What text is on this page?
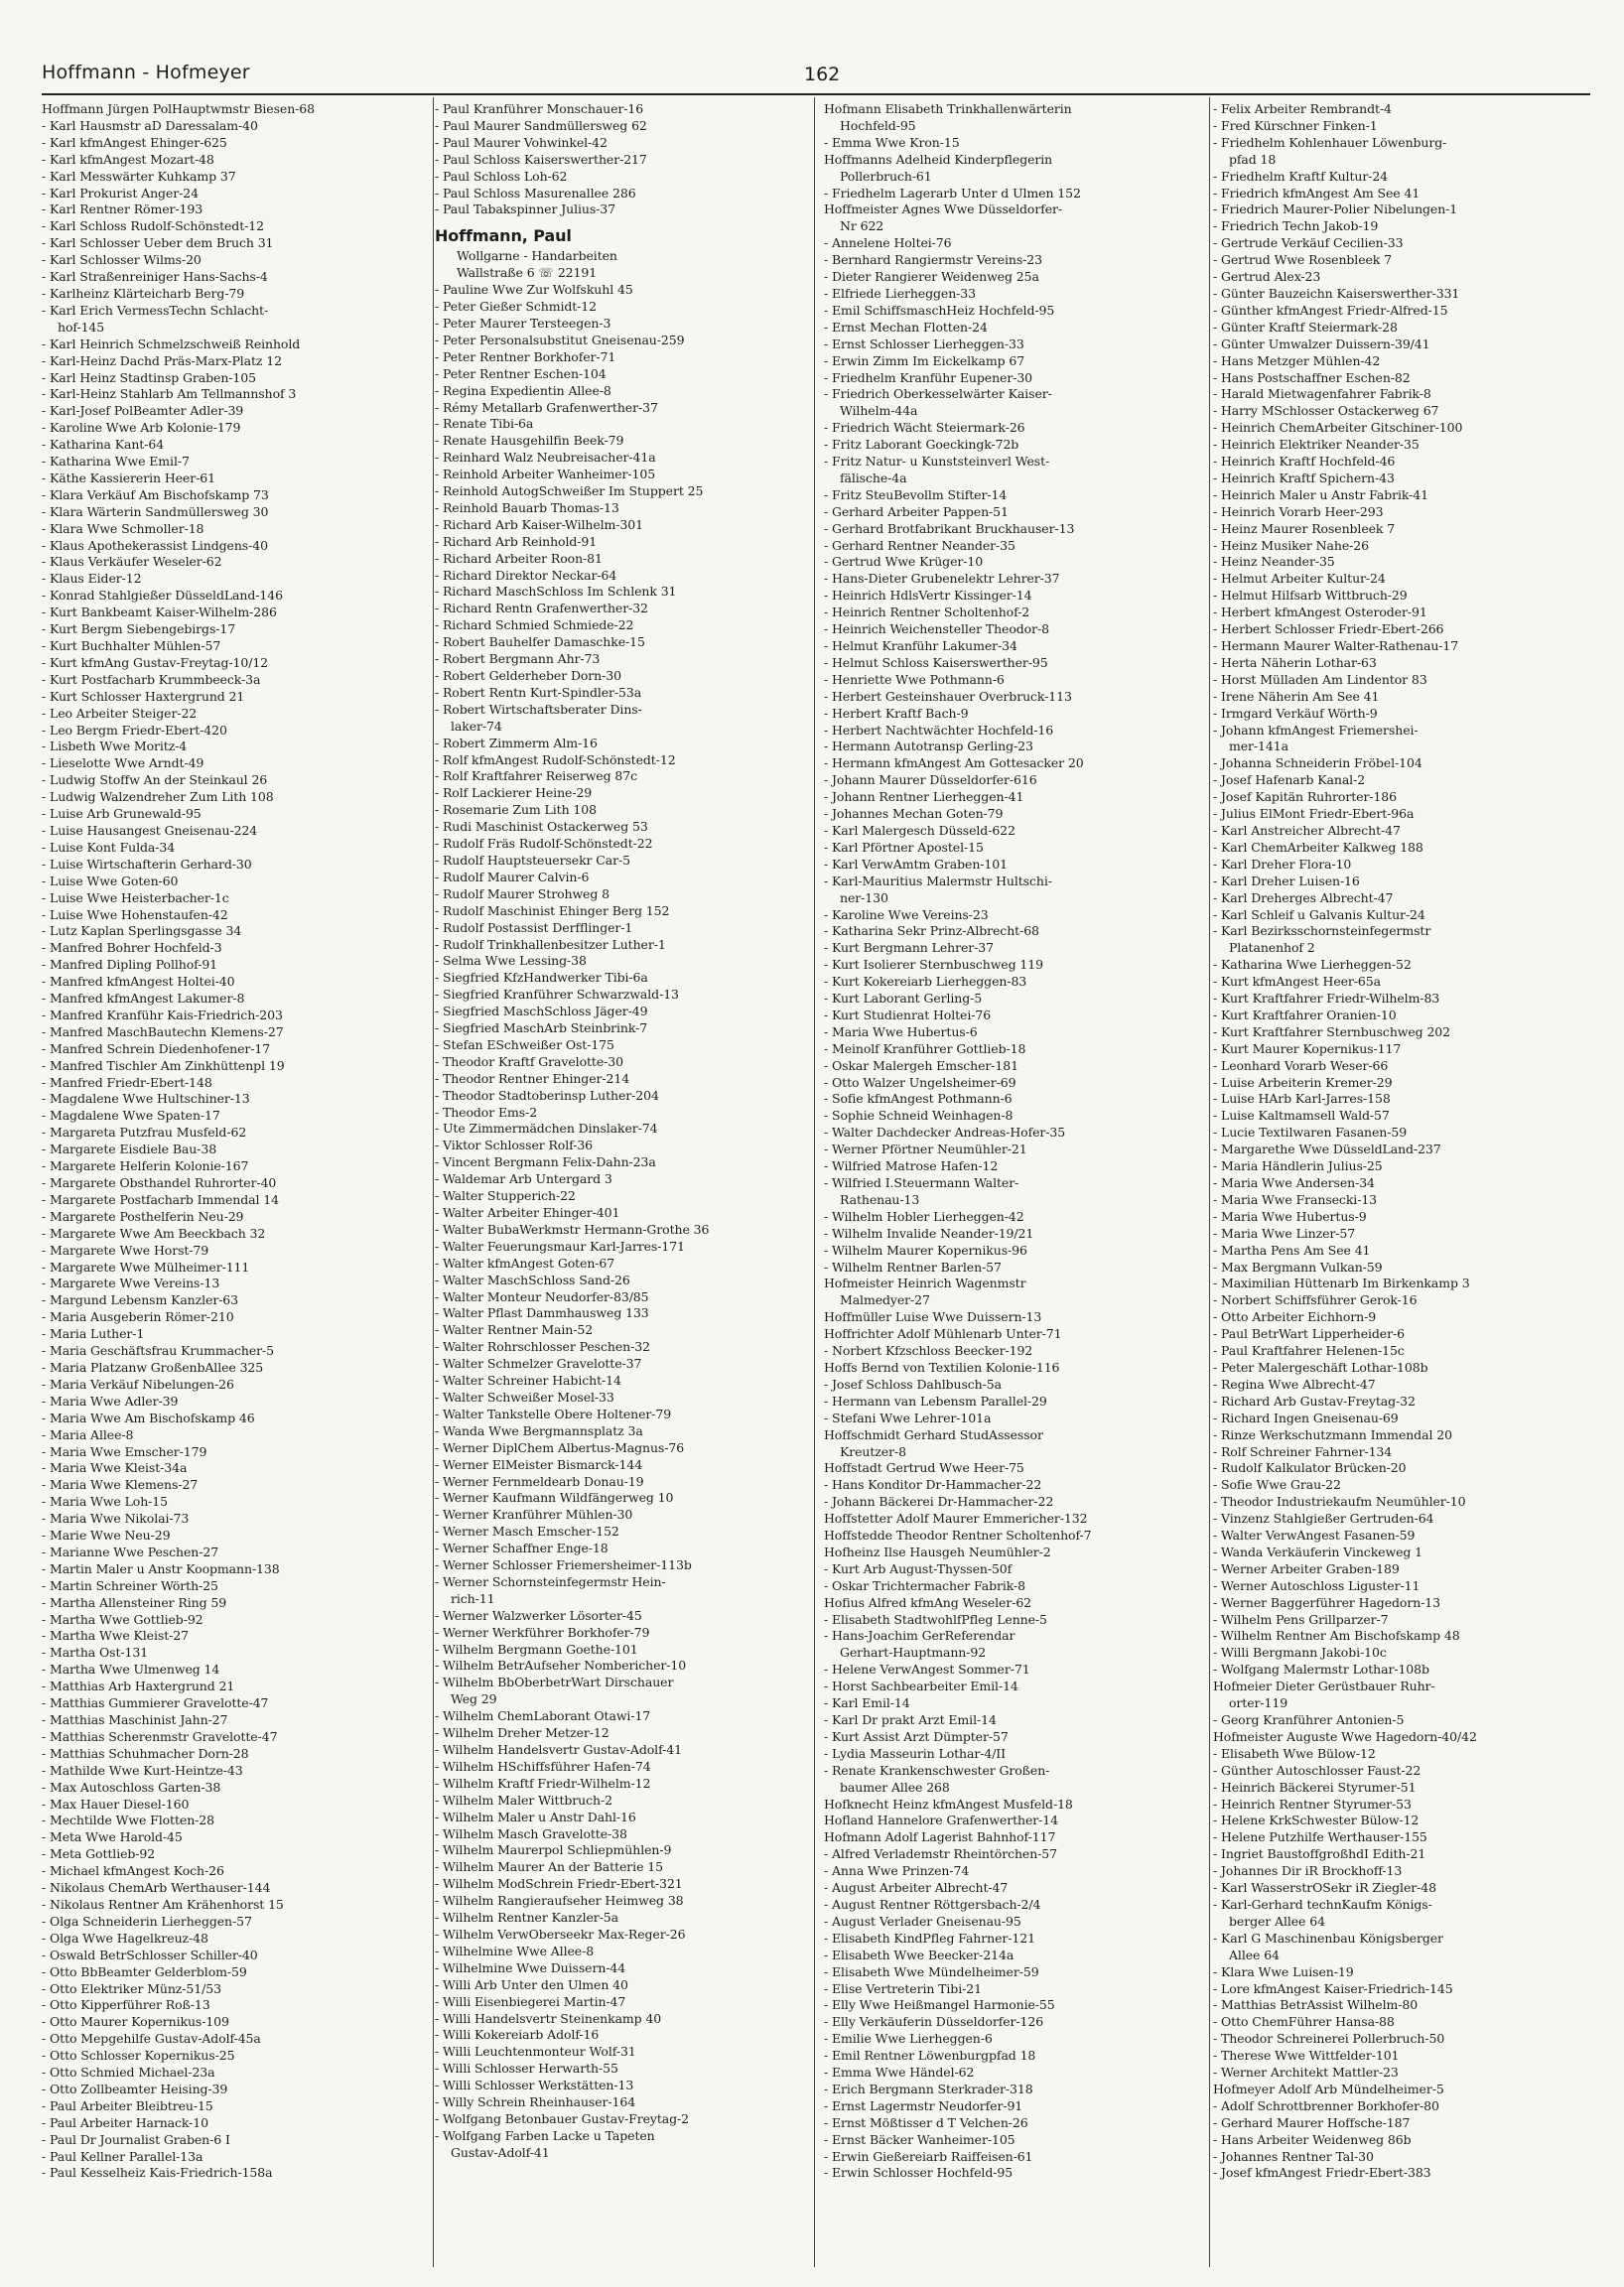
Hoffmann - Hofmeyer	162
Hoffmann Jürgen PolHauptwmstr Biesen-68
- Karl Hausmstr aD Daressalam-40
- Karl kfmAngest Ehinger-625
- Karl kfmAngest Mozart-48
- Karl Messwärter Kuhkamp 37
- Karl Prokurist Anger-24
- Karl Rentner Römer-193
- Karl Schloss Rudolf-Schönstedt-12
- Karl Schlosser Ueber dem Bruch 31
- Karl Schlosser Wilms-20
- Karl Straßenreiniger Hans-Sachs-4
- Karlheinz Klärteicharb Berg-79
- Karl Erich VermessTechn Schlacht-
hof-145
- Karl Heinrich Schmelzschweiß Reinhold
- Karl-Heinz Dachd Präs-Marx-Platz 12
- Karl Heinz Stadtinsp Graben-105
- Karl-Heinz Stahlarb Am Tellmannshof 3
- Karl-Josef PolBeamter Adler-39
- Karoline Wwe Arb Kolonie-179
- Katharina Kant-64
- Katharina Wwe Emil-7
- Käthe Kassiererin Heer-61
- Klara Verkäuf Am Bischofskamp 73
- Klara Wärterin Sandmüllersweg 30
- Klara Wwe Schmoller-18
- Klaus Apothekerassist Lindgens-40
- Klaus Verkäufer Weseler-62
- Klaus Eider-12
- Konrad Stahlgießer DüsseldLand-146
- Kurt Bankbeamt Kaiser-Wilhelm-286
- Kurt Bergm Siebengebirgs-17
- Kurt Buchhalter Mühlen-57
- Kurt kfmAng Gustav-Freytag-10/12
- Kurt Postfacharb Krummbeeck-3a
- Kurt Schlosser Haxtergrund 21
- Leo Arbeiter Steiger-22
- Leo Bergm Friedr-Ebert-420
- Lisbeth Wwe Moritz-4
- Lieselotte Wwe Arndt-49
- Ludwig Stoffw An der Steinkaul 26
- Ludwig Walzendreher Zum Lith 108
- Luise Arb Grunewald-95
- Luise Hausangest Gneisenau-224
- Luise Kont Fulda-34
- Luise Wirtschafterin Gerhard-30
- Luise Wwe Goten-60
- Luise Wwe Heisterbacher-1c
- Luise Wwe Hohenstaufen-42
- Lutz Kaplan Sperlingsgasse 34
- Manfred Bohrer Hochfeld-3
- Manfred Dipling Pollhof-91
- Manfred kfmAngest Holtei-40
- Manfred kfmAngest Lakumer-8
- Manfred Kranführ Kais-Friedrich-203
- Manfred MaschBautechn Klemens-27
- Manfred Schrein Diedenhofener-17
- Manfred Tischler Am Zinkhüttenpl 19
- Manfred Friedr-Ebert-148
- Magdalene Wwe Hultschiner-13
- Magdalene Wwe Spaten-17
- Margareta Putzfrau Musfeld-62
- Margarete Eisdiele Bau-38
- Margarete Helferin Kolonie-167
- Margarete Obsthandel Ruhrorter-40
- Margarete Postfacharb Immendal 14
- Margarete Posthelferin Neu-29
- Margarete Wwe Am Beeckbach 32
- Margarete Wwe Horst-79
- Margarete Wwe Mülheimer-111
- Margarete Wwe Vereins-13
- Margund Lebensm Kanzler-63
- Maria Ausgeberin Römer-210
- Maria Luther-1
- Maria Geschäftsfrau Krummacher-5
- Maria Platzanw GroßenbAllee 325
- Maria Verkäuf Nibelungen-26
- Maria Wwe Adler-39
- Maria Wwe Am Bischofskamp 46
- Maria Allee-8
- Maria Wwe Emscher-179
- Maria Wwe Kleist-34a
- Maria Wwe Klemens-27
- Maria Wwe Loh-15
- Maria Wwe Nikolai-73
- Marie Wwe Neu-29
- Marianne Wwe Peschen-27
- Martin Maler u Anstr Koopmann-138
- Martin Schreiner Wörth-25
- Martha Allensteiner Ring 59
- Martha Wwe Gottlieb-92
- Martha Wwe Kleist-27
- Martha Ost-131
- Martha Wwe Ulmenweg 14
- Matthias Arb Haxtergrund 21
- Matthias Gummierer Gravelotte-47
- Matthias Maschinist Jahn-27
- Matthias Scherenmstr Gravelotte-47
- Matthias Schuhmacher Dorn-28
- Mathilde Wwe Kurt-Heintze-43
- Max Autoschloss Garten-38
- Max Hauer Diesel-160
- Mechtilde Wwe Flotten-28
- Meta Wwe Harold-45
- Meta Gottlieb-92
- Michael kfmAngest Koch-26
- Nikolaus ChemArb Werthauser-144
- Nikolaus Rentner Am Krähenhorst 15
- Olga Schneiderin Lierheggen-57
- Olga Wwe Hagelkreuz-48
- Oswald BetrSchlosser Schiller-40
- Otto BbBeamter Gelderblom-59
- Otto Elektriker Münz-51/53
- Otto Kipperführer Roß-13
- Otto Maurer Kopernikus-109
- Otto Mepgehilfe Gustav-Adolf-45a
- Otto Schlosser Kopernikus-25
- Otto Schmied Michael-23a
- Otto Zollbeamter Heising-39
- Paul Arbeiter Bleibtreu-15
- Paul Arbeiter Harnack-10
- Paul Dr Journalist Graben-6 I
- Paul Kellner Parallel-13a
- Paul Kesselheiz Kais-Friedrich-158a
- Paul Kranführer Monschauer-16
- Paul Maurer Sandmüllersweg 62
- Paul Maurer Vohwinkel-42
- Paul Schloss Kaiserswerther-217
- Paul Schloss Loh-62
- Paul Schloss Masurenallee 286
- Paul Tabakspinner Julius-37
Hoffmann, Paul
Wollgarne - Handarbeiten
Wallstraße 6 ☏ 22191
- Pauline Wwe Zur Wolfskuhl 45
- Peter Gießer Schmidt-12
- Peter Maurer Tersteegen-3
- Peter Personalsubstitut Gneisenau-259
- Peter Rentner Borkhofer-71
- Peter Rentner Eschen-104
- Regina Expedientin Allee-8
- Rémy Metallarb Grafenwerther-37
- Renate Tibi-6a
- Renate Hausgehilfin Beek-79
- Reinhard Walz Neubreisacher-41a
- Reinhold Arbeiter Wanheimer-105
- Reinhold AutogSchweißer Im Stuppert 25
- Reinhold Bauarb Thomas-13
- Richard Arb Kaiser-Wilhelm-301
- Richard Arb Reinhold-91
- Richard Arbeiter Roon-81
- Richard Direktor Neckar-64
- Richard MaschSchloss Im Schlenk 31
- Richard Rentn Grafenwerther-32
- Richard Schmied Schmiede-22
- Robert Bauhelfer Damaschke-15
- Robert Bergmann Ahr-73
- Robert Gelderheber Dorn-30
- Robert Rentn Kurt-Spindler-53a
- Robert Wirtschaftsberater Dins-
laker-74
- Robert Zimmerm Alm-16
- Rolf kfmAngest Rudolf-Schönstedt-12
- Rolf Kraftfahrer Reiserweg 87c
- Rolf Lackierer Heine-29
- Rosemarie Zum Lith 108
- Rudi Maschinist Ostackerweg 53
- Rudolf Fräs Rudolf-Schönstedt-22
- Rudolf Hauptsteuersekr Car-5
- Rudolf Maurer Calvin-6
- Rudolf Maurer Strohweg 8
- Rudolf Maschinist Ehinger Berg 152
- Rudolf Postassist Derfflinger-1
- Rudolf Trinkhallenbesitzer Luther-1
- Selma Wwe Lessing-38
- Siegfried KfzHandwerker Tibi-6a
- Siegfried Kranführer Schwarzwald-13
- Siegfried MaschSchloss Jäger-49
- Siegfried MaschArb Steinbrink-7
- Stefan ESchweißer Ost-175
- Theodor Kraftf Gravelotte-30
- Theodor Rentner Ehinger-214
- Theodor Stadtoberinsp Luther-204
- Theodor Ems-2
- Ute Zimmermädchen Dinslaker-74
- Viktor Schlosser Rolf-36
- Vincent Bergmann Felix-Dahn-23a
- Waldemar Arb Untergard 3
- Walter Stupperich-22
- Walter Arbeiter Ehinger-401
- Walter BubaWerkmstr Hermann-Grothe 36
- Walter Feuerungsmaur Karl-Jarres-171
- Walter kfmAngest Goten-67
- Walter MaschSchloss Sand-26
- Walter Monteur Neudorfer-83/85
- Walter Pflast Dammhausweg 133
- Walter Rentner Main-52
- Walter Rohrschlosser Peschen-32
- Walter Schmelzer Gravelotte-37
- Walter Schreiner Habicht-14
- Walter Schweißer Mosel-33
- Walter Tankstelle Obere Holtener-79
- Wanda Wwe Bergmannsplatz 3a
- Werner DiplChem Albertus-Magnus-76
- Werner ElMeister Bismarck-144
- Werner Fernmeldearb Donau-19
- Werner Kaufmann Wildfängerweg 10
- Werner Kranführer Mühlen-30
- Werner Masch Emscher-152
- Werner Schaffner Enge-18
- Werner Schlosser Friemersheimer-113b
- Werner Schornsteinfegermstr Hein-
rich-11
- Werner Walzwerker Lösorter-45
- Werner Werkführer Borkhofer-79
- Wilhelm Bergmann Goethe-101
- Wilhelm BetrAufseher Nombericher-10
- Wilhelm BbOberbetrWart Dirschauer
Weg 29
- Wilhelm ChemLaborant Otawi-17
- Wilhelm Dreher Metzer-12
- Wilhelm Handelsvertr Gustav-Adolf-41
- Wilhelm HSchiffsführer Hafen-74
- Wilhelm Kraftf Friedr-Wilhelm-12
- Wilhelm Maler Wittbruch-2
- Wilhelm Maler u Anstr Dahl-16
- Wilhelm Masch Gravelotte-38
- Wilhelm Maurerpol Schliepmühlen-9
- Wilhelm Maurer An der Batterie 15
- Wilhelm ModSchrein Friedr-Ebert-321
- Wilhelm Rangieraufseher Heimweg 38
- Wilhelm Rentner Kanzler-5a
- Wilhelm VerwOberseekr Max-Reger-26
- Wilhelmine Wwe Allee-8
- Wilhelmine Wwe Duissern-44
- Willi Arb Unter den Ulmen 40
- Willi Eisenbiegerei Martin-47
- Willi Handelsvertr Steinenkamp 40
- Willi Kokereiarb Adolf-16
- Willi Leuchtenmonteur Wolf-31
- Willi Schlosser Herwarth-55
- Willi Schlosser Werkstätten-13
- Willy Schrein Rheinhauser-164
- Wolfgang Betonbauer Gustav-Freytag-2
- Wolfgang Farben Lacke u Tapeten
Gustav-Adolf-41
Hofmann Elisabeth Trinkhallenwärterin
Hochfeld-95
- Emma Wwe Kron-15
Hoffmanns Adelheid Kinderpflegerin
Pollerbruch-61
- Friedhelm Lagerarb Unter d Ulmen 152
Hoffmeister Agnes Wwe Düsseldorfer-
Nr 622
- Annelene Holtei-76
- Bernhard Rangiermstr Vereins-23
- Dieter Rangierer Weidenweg 25a
- Elfriede Lierheggen-33
- Emil SchiffsmaschHeiz Hochfeld-95
- Ernst Mechan Flotten-24
- Ernst Schlosser Lierheggen-33
- Erwin Zimm Im Eickelkamp 67
- Friedhelm Kranführ Eupener-30
- Friedrich Oberkesselwärter Kaiser-
Wilhelm-44a
- Friedrich Wächt Steiermark-26
- Fritz Laborant Goeckingk-72b
- Fritz Natur- u Kunststeinverl West-
fälische-4a
- Fritz SteuBevollm Stifter-14
- Gerhard Arbeiter Pappen-51
- Gerhard Brotfabrikant Bruckhauser-13
- Gerhard Rentner Neander-35
- Gertrud Wwe Krüger-10
- Hans-Dieter Grubenelektr Lehrer-37
- Heinrich HdlsVertr Kissinger-14
- Heinrich Rentner Scholtenhof-2
- Heinrich Weichensteller Theodor-8
- Helmut Kranführ Lakumer-34
- Helmut Schloss Kaiserswerther-95
- Henriette Wwe Pothmann-6
- Herbert Gesteinshauer Overbruck-113
- Herbert Kraftf Bach-9
- Herbert Nachtwächter Hochfeld-16
- Hermann Autotransp Gerling-23
- Hermann kfmAngest Am Gottesacker 20
- Johann Maurer Düsseldorfer-616
- Johann Rentner Lierheggen-41
- Johannes Mechan Goten-79
- Karl Malergesch Düsseld-622
- Karl Pförtner Apostel-15
- Karl VerwAmtm Graben-101
- Karl-Mauritius Malermstr Hultschi-
ner-130
- Karoline Wwe Vereins-23
- Katharina Sekr Prinz-Albrecht-68
- Kurt Bergmann Lehrer-37
- Kurt Isolierer Sternbuschweg 119
- Kurt Kokereiarb Lierheggen-83
- Kurt Laborant Gerling-5
- Kurt Studienrat Holtei-76
- Maria Wwe Hubertus-6
- Meinolf Kranführer Gottlieb-18
- Oskar Malergeh Emscher-181
- Otto Walzer Ungelsheimer-69
- Sofie kfmAngest Pothmann-6
- Sophie Schneid Weinhagen-8
- Walter Dachdecker Andreas-Hofer-35
- Werner Pförtner Neumühler-21
- Wilfried Matrose Hafen-12
- Wilfried I.Steuermann Walter-
Rathenau-13
- Wilhelm Hobler Lierheggen-42
- Wilhelm Invalide Neander-19/21
- Wilhelm Maurer Kopernikus-96
- Wilhelm Rentner Barlen-57
Hofmeister Heinrich Wagenmstr
Malmedyer-27
Hoffmüller Luise Wwe Duissern-13
Hoffrichter Adolf Mühlenarb Unter-71
- Norbert Kfzschloss Beecker-192
Hoffs Bernd von Textilien Kolonie-116
- Josef Schloss Dahlbusch-5a
- Hermann van Lebensm Parallel-29
- Stefani Wwe Lehrer-101a
Hoffschmidt Gerhard StudAssessor
Kreutzer-8
Hoffstadt Gertrud Wwe Heer-75
- Hans Konditor Dr-Hammacher-22
- Johann Bäckerei Dr-Hammacher-22
Hoffstetter Adolf Maurer Emmericher-132
Hoffstedde Theodor Rentner Scholtenhof-7
Hofheinz Ilse Hausgeh Neumühler-2
- Kurt Arb August-Thyssen-50f
- Oskar Trichtermacher Fabrik-8
Hofius Alfred kfmAng Weseler-62
- Elisabeth StadtwohlfPfleg Lenne-5
- Hans-Joachim GerReferendar
Gerhart-Hauptmann-92
- Helene VerwAngest Sommer-71
- Horst Sachbearbeiter Emil-14
- Karl Emil-14
- Karl Dr prakt Arzt Emil-14
- Kurt Assist Arzt Dümpter-57
- Lydia Masseurin Lothar-4/II
- Renate Krankenschwester Großen-
baumer Allee 268
Hofknecht Heinz kfmAngest Musfeld-18
Hofland Hannelore Grafenwerther-14
Hofmann Adolf Lagerist Bahnhof-117
- Alfred Verlademstr Rheintörchen-57
- Anna Wwe Prinzen-74
- August Arbeiter Albrecht-47
- August Rentner Röttgersbach-2/4
- August Verlader Gneisenau-95
- Elisabeth KindPfleg Fahrner-121
- Elisabeth Wwe Beecker-214a
- Elisabeth Wwe Mündelheimer-59
- Elise Vertreterin Tibi-21
- Elly Wwe Heißmangel Harmonie-55
- Elly Verkäuferin Düsseldorfer-126
- Emilie Wwe Lierheggen-6
- Emil Rentner Löwenburgpfad 18
- Emma Wwe Händel-62
- Erich Bergmann Sterkrader-318
- Ernst Lagermstr Neudorfer-91
- Ernst Mößtisser d T Velchen-26
- Ernst Bäcker Wanheimer-105
- Erwin Gießereiarb Raiffeisen-61
- Erwin Schlosser Hochfeld-95
- Felix Arbeiter Rembrandt-4
- Fred Kürschner Finken-1
- Friedhelm Kohlenhauer Löwenburg-
pfad 18
- Friedhelm Kraftf Kultur-24
- Friedrich kfmAngest Am See 41
- Friedrich Maurer-Polier Nibelungen-1
- Friedrich Techn Jakob-19
- Gertrude Verkäuf Cecilien-33
- Gertrud Wwe Rosenbleek 7
- Gertrud Alex-23
- Günter Bauzeichn Kaiserswerther-331
- Günther kfmAngest Friedr-Alfred-15
- Günter Kraftf Steiermark-28
- Günter Umwalzer Duissern-39/41
- Hans Metzger Mühlen-42
- Hans Postschaffner Eschen-82
- Harald Mietwagenfahrer Fabrik-8
- Harry MSchlosser Ostackerweg 67
- Heinrich ChemArbeiter Gitschiner-100
- Heinrich Elektriker Neander-35
- Heinrich Kraftf Hochfeld-46
- Heinrich Kraftf Spichern-43
- Heinrich Maler u Anstr Fabrik-41
- Heinrich Vorarb Heer-293
- Heinz Maurer Rosenbleek 7
- Heinz Musiker Nahe-26
- Heinz Neander-35
- Helmut Arbeiter Kultur-24
- Helmut Hilfsarb Wittbruch-29
- Herbert kfmAngest Osteroder-91
- Herbert Schlosser Friedr-Ebert-266
- Hermann Maurer Walter-Rathenau-17
- Herta Näherin Lothar-63
- Horst Mülladen Am Lindentor 83
- Irene Näherin Am See 41
- Irmgard Verkäuf Wörth-9
- Johann kfmAngest Friemershei-
mer-141a
- Johanna Schneiderin Fröbel-104
- Josef Hafenarb Kanal-2
- Josef Kapitän Ruhrorter-186
- Julius ElMont Friedr-Ebert-96a
- Karl Anstreicher Albrecht-47
- Karl ChemArbeiter Kalkweg 188
- Karl Dreher Flora-10
- Karl Dreher Luisen-16
- Karl Dreherges Albrecht-47
- Karl Schleif u Galvanis Kultur-24
- Karl Bezirksschornsteinfegermstr
Platanenhof 2
- Katharina Wwe Lierheggen-52
- Kurt kfmAngest Heer-65a
- Kurt Kraftfahrer Friedr-Wilhelm-83
- Kurt Kraftfahrer Oranien-10
- Kurt Kraftfahrer Sternbuschweg 202
- Kurt Maurer Kopernikus-117
- Leonhard Vorarb Weser-66
- Luise Arbeiterin Kremer-29
- Luise HArb Karl-Jarres-158
- Luise Kaltmamsell Wald-57
- Lucie Textilwaren Fasanen-59
- Margarethe Wwe DüsseldLand-237
- Maria Händlerin Julius-25
- Maria Wwe Andersen-34
- Maria Wwe Fransecki-13
- Maria Wwe Hubertus-9
- Maria Wwe Linzer-57
- Martha Pens Am See 41
- Max Bergmann Vulkan-59
- Maximilian Hüttenarb Im Birkenkamp 3
- Norbert Schiffsführer Gerok-16
- Otto Arbeiter Eichhorn-9
- Paul BetrWart Lipperheider-6
- Paul Kraftfahrer Helenen-15c
- Peter Malergeschäft Lothar-108b
- Regina Wwe Albrecht-47
- Richard Arb Gustav-Freytag-32
- Richard Ingen Gneisenau-69
- Rinze Werkschutzmann Immendal 20
- Rolf Schreiner Fahrner-134
- Rudolf Kalkulator Brücken-20
- Sofie Wwe Grau-22
- Theodor Industriekaufm Neumühler-10
- Vinzenz Stahlgießer Gertruden-64
- Walter VerwAngest Fasanen-59
- Wanda Verkäuferin Vinckeweg 1
- Werner Arbeiter Graben-189
- Werner Autoschloss Liguster-11
- Werner Baggerführer Hagedorn-13
- Wilhelm Pens Grillparzer-7
- Wilhelm Rentner Am Bischofskamp 48
- Willi Bergmann Jakobi-10c
- Wolfgang Malermstr Lothar-108b
Hofmeier Dieter Gerüstbauer Ruhr-
orter-119
- Georg Kranführer Antonien-5
Hofmeister Auguste Wwe Hagedorn-40/42
- Elisabeth Wwe Bülow-12
- Günther Autoschlosser Faust-22
- Heinrich Bäckerei Styrumer-51
- Heinrich Rentner Styrumer-53
- Helene KrkSchwester Bülow-12
- Helene Putzhilfe Werthauser-155
- Ingriet BaustoffgroßhdI Edith-21
- Johannes Dir iR Brockhoff-13
- Karl WasserstrOSekr iR Ziegler-48
- Karl-Gerhard technKaufm Königs-
berger Allee 64
- Karl G Maschinenbau Königsberger
Allee 64
- Klara Wwe Luisen-19
- Lore kfmAngest Kaiser-Friedrich-145
- Matthias BetrAssist Wilhelm-80
- Otto ChemFührer Hansa-88
- Theodor Schreinerei Pollerbruch-50
- Therese Wwe Wittfelder-101
- Werner Architekt Mattler-23
Hofmeyer Adolf Arb Mündelheimer-5
- Adolf Schrottbrenner Borkhofer-80
- Gerhard Maurer Hoffsche-187
- Hans Arbeiter Weidenweg 86b
- Johannes Rentner Tal-30
- Josef kfmAngest Friedr-Ebert-383
